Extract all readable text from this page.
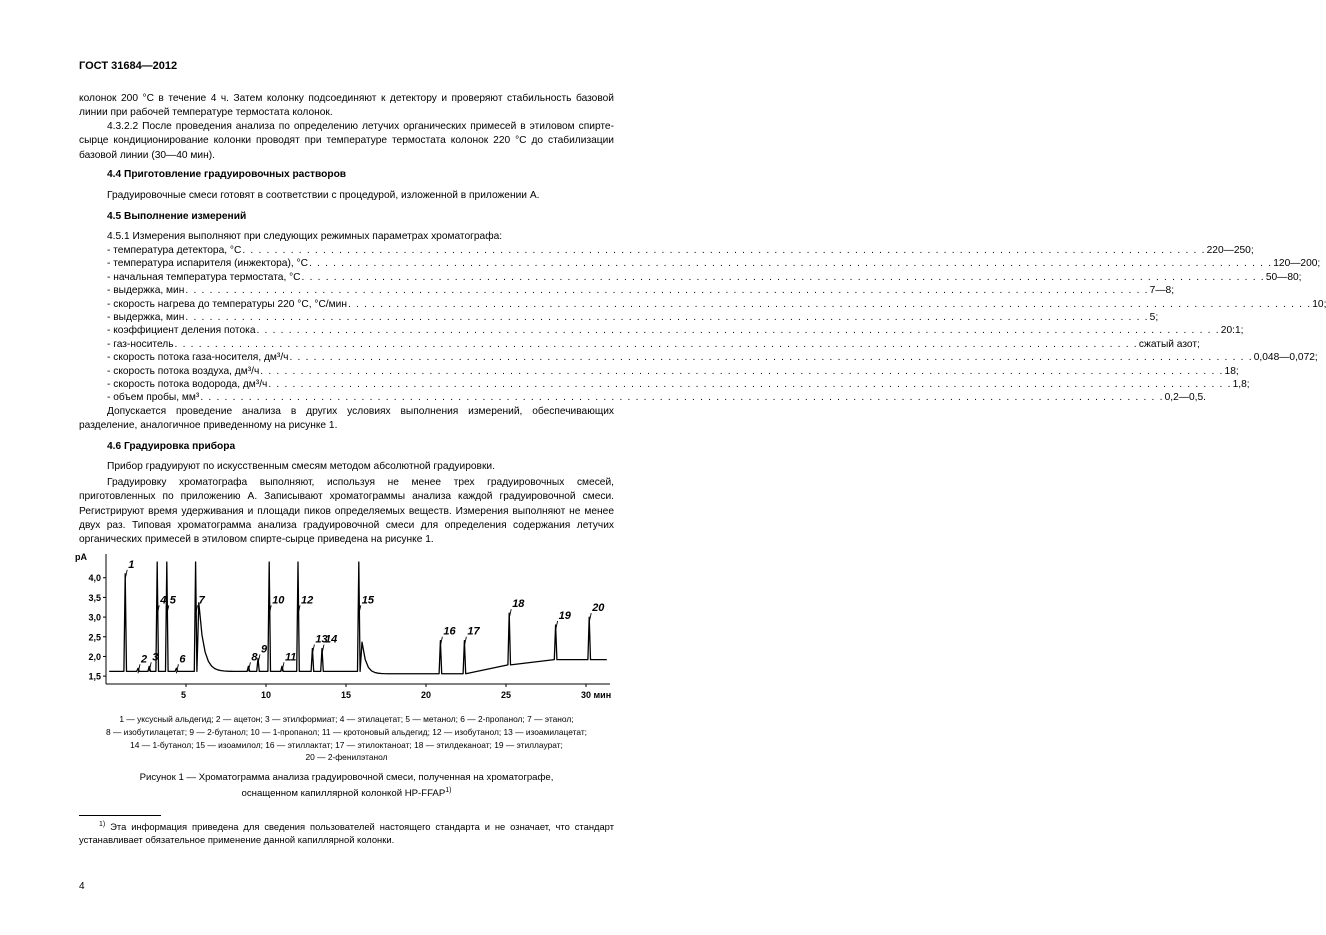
ГОСТ 31684—2012
колонок 200 °С в течение 4 ч. Затем колонку подсоединяют к детектору и проверяют стабильность базовой линии при рабочей температуре термостата колонок.
4.3.2.2 После проведения анализа по определению летучих органических примесей в этиловом спирте-сырце кондиционирование колонки проводят при температуре термостата колонок 220 °С до стабилизации базовой линии (30—40 мин).
4.4 Приготовление градуировочных растворов
Градуировочные смеси готовят в соответствии с процедурой, изложенной в приложении А.
4.5 Выполнение измерений
4.5.1 Измерения выполняют при следующих режимных параметрах хроматографа:
- температура детектора, °С . . . . . . . . . . . . . . . . . . . . . . . . . . . . . . . . . . . . . . . . . . . . . . . . . . . . . . . . . . . . . . . . . . . . . . . . . . . . . . . . . . . . . . . . . . . . . . . . . . . . . . . . . . . . . . . . . . . . . . . . 220—250;
- температура испарителя (инжектора), °С . . . . . . . . . . . . . . . . . . . . . . . . . . . . . . . . . . . . . . . . . . . . . . . . . . . . . . . . . . . . . . . . . . . . . . . . . . . . . . . . . . . . . . . . . . . . . . . . . . . . . . . . . . . . . . . . . . . . . . . . 120—200;
- начальная температура термостата, °С . . . . . . . . . . . . . . . . . . . . . . . . . . . . . . . . . . . . . . . . . . . . . . . . . . . . . . . . . . . . . . . . . . . . . . . . . . . . . . . . . . . . . . . . . . . . . . . . . . . . . . . . . . . . . . . . . . . . . . . . 50—80;
- выдержка, мин . . . . . . . . . . . . . . . . . . . . . . . . . . . . . . . . . . . . . . . . . . . . . . . . . . . . . . . . . . . . . . . . . . . . . . . . . . . . . . . . . . . . . . . . . . . . . . . . . . . . . . . . . . . . . . . . . . . . . . . . 7—8;
- скорость нагрева до температуры 220 °С, °С/мин . . . . . . . . . . . . . . . . . . . . . . . . . . . . . . . . . . . . . . . . . . . . . . . . . . . . . . . . . . . . . . . . . . . . . . . . . . . . . . . . . . . . . . . . . . . . . . . . . . . . . . . . . . . . . . . . . . . . . . . . 10;
- выдержка, мин . . . . . . . . . . . . . . . . . . . . . . . . . . . . . . . . . . . . . . . . . . . . . . . . . . . . . . . . . . . . . . . . . . . . . . . . . . . . . . . . . . . . . . . . . . . . . . . . . . . . . . . . . . . . . . . . . . . . . . . . 5;
- коэффициент деления потока . . . . . . . . . . . . . . . . . . . . . . . . . . . . . . . . . . . . . . . . . . . . . . . . . . . . . . . . . . . . . . . . . . . . . . . . . . . . . . . . . . . . . . . . . . . . . . . . . . . . . . . . . . . . . . . . . . . . . . . . 20:1;
- газ-носитель . . . . . . . . . . . . . . . . . . . . . . . . . . . . . . . . . . . . . . . . . . . . . . . . . . . . . . . . . . . . . . . . . . . . . . . . . . . . . . . . . . . . . . . . . . . . . . . . . . . . . . . . . . . . . . . . . . . . . . . . сжатый азот;
- скорость потока газа-носителя, дм³/ч . . . . . . . . . . . . . . . . . . . . . . . . . . . . . . . . . . . . . . . . . . . . . . . . . . . . . . . . . . . . . . . . . . . . . . . . . . . . . . . . . . . . . . . . . . . . . . . . . . . . . . . . . . . . . . . . . . . . . . . . 0,048—0,072;
- скорость потока воздуха, дм³/ч . . . . . . . . . . . . . . . . . . . . . . . . . . . . . . . . . . . . . . . . . . . . . . . . . . . . . . . . . . . . . . . . . . . . . . . . . . . . . . . . . . . . . . . . . . . . . . . . . . . . . . . . . . . . . . . . . . . . . . . . 18;
- скорость потока водорода, дм³/ч . . . . . . . . . . . . . . . . . . . . . . . . . . . . . . . . . . . . . . . . . . . . . . . . . . . . . . . . . . . . . . . . . . . . . . . . . . . . . . . . . . . . . . . . . . . . . . . . . . . . . . . . . . . . . . . . . . . . . . . . 1,8;
- объем пробы, мм³ . . . . . . . . . . . . . . . . . . . . . . . . . . . . . . . . . . . . . . . . . . . . . . . . . . . . . . . . . . . . . . . . . . . . . . . . . . . . . . . . . . . . . . . . . . . . . . . . . . . . . . . . . . . . . . . . . . . . . . . . 0,2—0,5.
Допускается проведение анализа в других условиях выполнения измерений, обеспечивающих разделение, аналогичное приведенному на рисунке 1.
4.6 Градуировка прибора
Прибор градуируют по искусственным смесям методом абсолютной градуировки.
Градуировку хроматографа выполняют, используя не менее трех градуировочных смесей, приготовленных по приложению А. Записывают хроматограммы анализа каждой градуировочной смеси. Регистрируют время удерживания и площади пиков определяемых веществ. Измерения выполняют не менее двух раз. Типовая хроматограмма анализа градуировочной смеси для определения содержания летучих органических примесей в этиловом спирте-сырце приведена на рисунке 1.
pA
4,0
3,5
3,0
2,5
2,0
1,5
5	10	15	20	25	30 мин
1
2 3
4 5
6
7
8
9
10
11
12
13
14
15
16 17
18
19
20
1 — уксусный альдегид; 2 — ацетон; 3 — этилформиат; 4 — этилацетат; 5 — метанол; 6 — 2-пропанол; 7 — этанол;
8 — изобутилацетат; 9 — 2-бутанол; 10 — 1-пропанол; 11 — кротоновый альдегид; 12 — изобутанол; 13 — изоамилацетат;
14 — 1-бутанол; 15 — изоамилол; 16 — этиллактат; 17 — этилоктаноат; 18 — этилдеканоат; 19 — этиллаурат;
20 — 2-фенилэтанол
Рисунок 1 — Хроматограмма анализа градуировочной смеси, полученная на хроматографе,
оснащенном капиллярной колонкой HP-FFAP$^{1)}$
$^{1)}$ Эта информация приведена для сведения пользователей настоящего стандарта и не означает, что стандарт устанавливает обязательное применение данной капиллярной колонки.
4
